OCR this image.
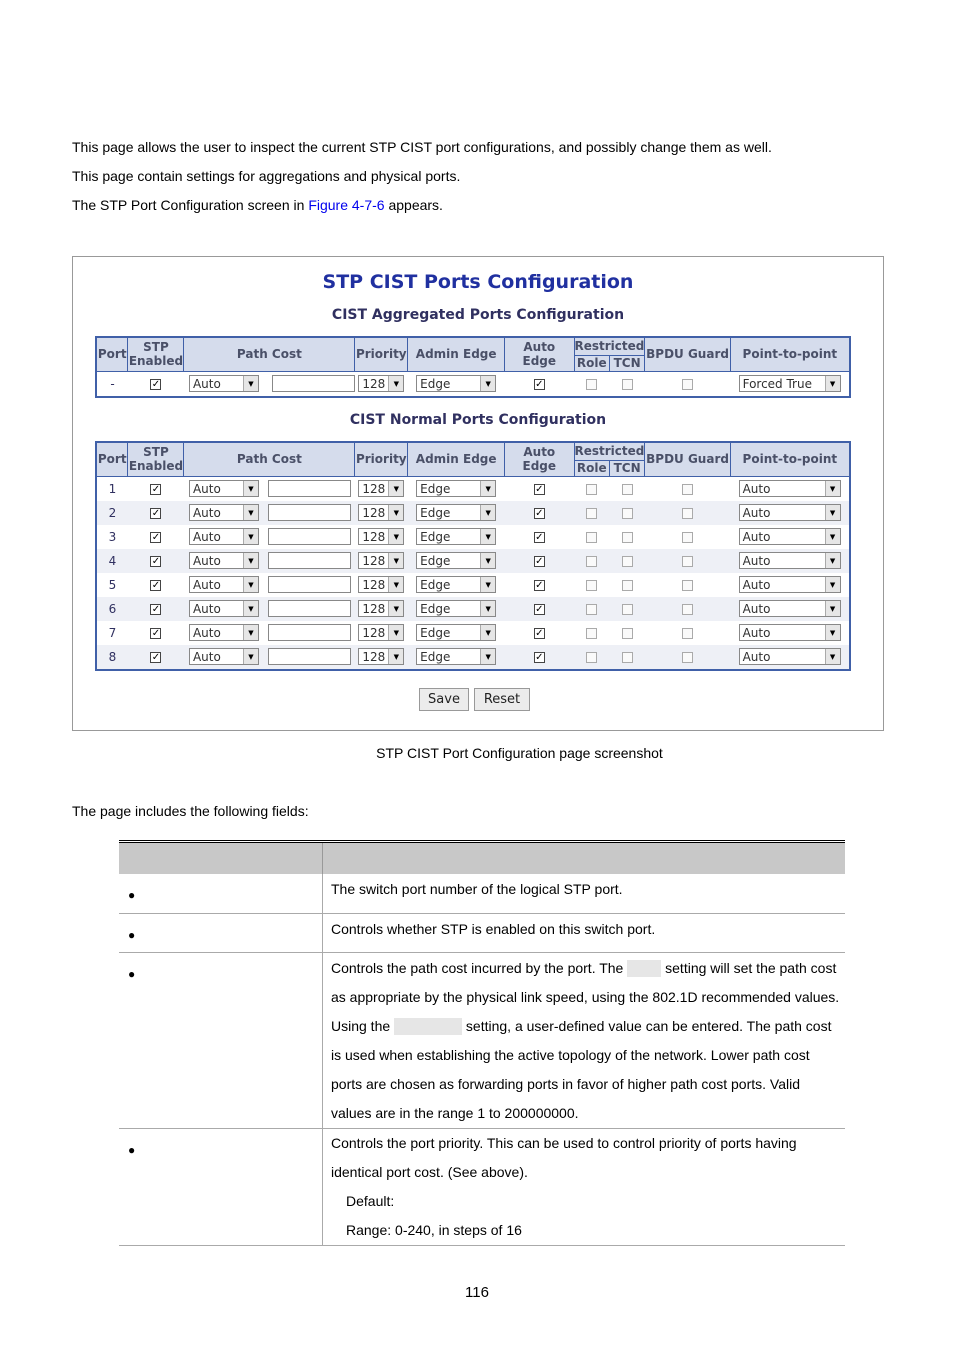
This page allows the user to inspect the current STP CIST port configurations, and possibly change them as well.
This page contain settings for aggregations and physical ports.
The STP Port Configuration screen in Figure 4-7-6 appears.
STP CIST Ports Configuration
CIST Aggregated Ports Configuration
Port	STP Enabled	Path Cost	Priority	Admin Edge	Auto Edge	Restricted		BPDU Guard	Point-to-point
						Role	TCN		
-	✓	Auto ▼	128 ▼	Edge ▼	✓				Forced True ▼
CIST Normal Ports Configuration
Port	STP Enabled	Path Cost	Priority	Admin Edge	Auto Edge	Restricted		BPDU Guard	Point-to-point
						Role	TCN		
1	✓	Auto ▼	128 ▼	Edge ▼	✓				Auto ▼

2	✓	Auto ▼	128 ▼	Edge ▼	✓				Auto ▼

3	✓	Auto ▼	128 ▼	Edge ▼	✓				Auto ▼

4	✓	Auto ▼	128 ▼	Edge ▼	✓				Auto ▼

5	✓	Auto ▼	128 ▼	Edge ▼	✓				Auto ▼

6	✓	Auto ▼	128 ▼	Edge ▼	✓				Auto ▼

7	✓	Auto ▼	128 ▼	Edge ▼	✓				Auto ▼

8	✓	Auto ▼	128 ▼	Edge ▼	✓				Auto ▼
Save	Reset
STP CIST Port Configuration page screenshot
The page includes the following fields:

●	The switch port number of the logical STP port.
●	Controls whether STP is enabled on this switch port.
●	Controls the path cost incurred by the port. The  setting will set the path cost as appropriate by the physical link speed, using the 802.1D recommended values. Using the setting, a user-defined value can be entered. The path cost is used when establishing the active topology of the network. Lower path cost ports are chosen as forwarding ports in favor of higher path cost ports. Valid values are in the range 1 to 200000000.
●	Controls the port priority. This can be used to control priority of ports having identical port cost. (See above).
Default:
Range: 0-240, in steps of 16
116
